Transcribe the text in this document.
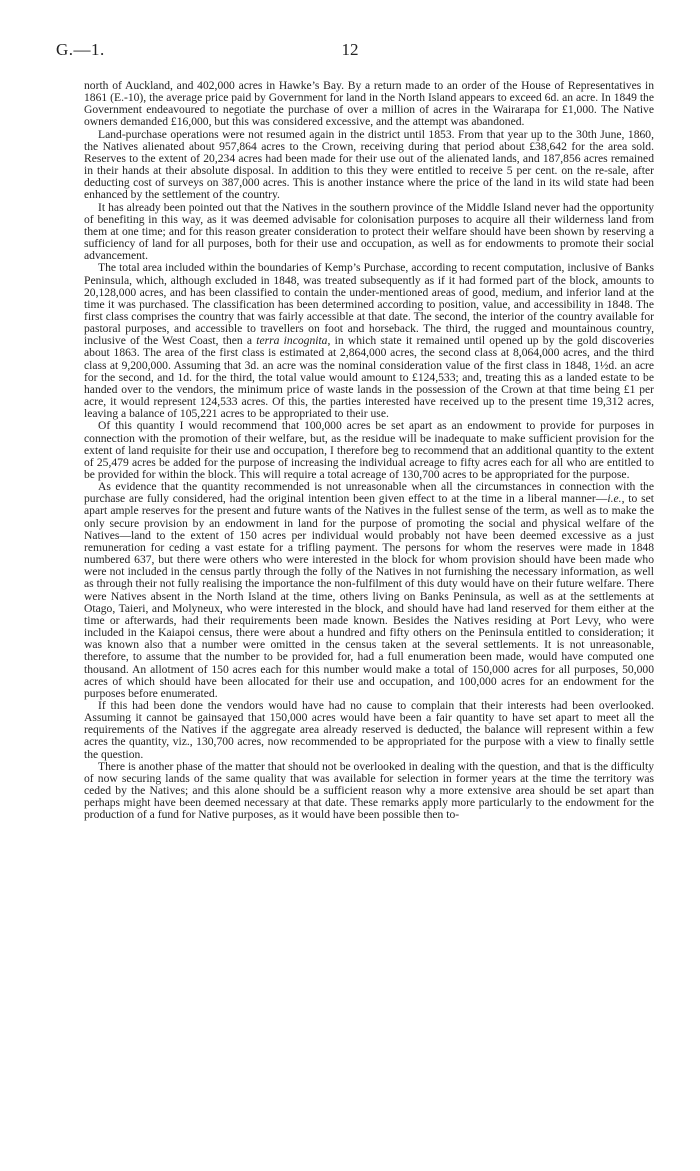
G.—1.	12

north of Auckland, and 402,000 acres in Hawke’s Bay. By a return made to an order of the House of Representatives in 1861 (E.-10), the average price paid by Government for land in the North Island appears to exceed 6d. an acre. In 1849 the Government endeavoured to negotiate the purchase of over a million of acres in the Wairarapa for £1,000. The Native owners demanded £16,000, but this was considered excessive, and the attempt was abandoned.

Land-purchase operations were not resumed again in the district until 1853. From that year up to the 30th June, 1860, the Natives alienated about 957,864 acres to the Crown, receiving during that period about £38,642 for the area sold. Reserves to the extent of 20,234 acres had been made for their use out of the alienated lands, and 187,856 acres remained in their hands at their absolute disposal. In addition to this they were entitled to receive 5 per cent. on the re-sale, after deducting cost of surveys on 387,000 acres. This is another instance where the price of the land in its wild state had been enhanced by the settlement of the country.

It has already been pointed out that the Natives in the southern province of the Middle Island never had the opportunity of benefiting in this way, as it was deemed advisable for colonisation purposes to acquire all their wilderness land from them at one time; and for this reason greater consideration to protect their welfare should have been shown by reserving a sufficiency of land for all purposes, both for their use and occupation, as well as for endowments to promote their social advancement.

The total area included within the boundaries of Kemp’s Purchase, according to recent computation, inclusive of Banks Peninsula, which, although excluded in 1848, was treated subsequently as if it had formed part of the block, amounts to 20,128,000 acres, and has been classified to contain the under-mentioned areas of good, medium, and inferior land at the time it was purchased. The classification has been determined according to position, value, and accessibility in 1848. The first class comprises the country that was fairly accessible at that date. The second, the interior of the country available for pastoral purposes, and accessible to travellers on foot and horseback. The third, the rugged and mountainous country, inclusive of the West Coast, then a terra incognita, in which state it remained until opened up by the gold discoveries about 1863. The area of the first class is estimated at 2,864,000 acres, the second class at 8,064,000 acres, and the third class at 9,200,000. Assuming that 3d. an acre was the nominal consideration value of the first class in 1848, 1½d. an acre for the second, and 1d. for the third, the total value would amount to £124,533; and, treating this as a landed estate to be handed over to the vendors, the minimum price of waste lands in the possession of the Crown at that time being £1 per acre, it would represent 124,533 acres. Of this, the parties interested have received up to the present time 19,312 acres, leaving a balance of 105,221 acres to be appropriated to their use.

Of this quantity I would recommend that 100,000 acres be set apart as an endowment to provide for purposes in connection with the promotion of their welfare, but, as the residue will be inadequate to make sufficient provision for the extent of land requisite for their use and occupation, I therefore beg to recommend that an additional quantity to the extent of 25,479 acres be added for the purpose of increasing the individual acreage to fifty acres each for all who are entitled to be provided for within the block. This will require a total acreage of 130,700 acres to be appropriated for the purpose.

As evidence that the quantity recommended is not unreasonable when all the circumstances in connection with the purchase are fully considered, had the original intention been given effect to at the time in a liberal manner—i.e., to set apart ample reserves for the present and future wants of the Natives in the fullest sense of the term, as well as to make the only secure provision by an endowment in land for the purpose of promoting the social and physical welfare of the Natives—land to the extent of 150 acres per individual would probably not have been deemed excessive as a just remuneration for ceding a vast estate for a trifling payment. The persons for whom the reserves were made in 1848 numbered 637, but there were others who were interested in the block for whom provision should have been made who were not included in the census partly through the folly of the Natives in not furnishing the necessary information, as well as through their not fully realising the importance the non-fulfilment of this duty would have on their future welfare. There were Natives absent in the North Island at the time, others living on Banks Peninsula, as well as at the settlements at Otago, Taieri, and Molyneux, who were interested in the block, and should have had land reserved for them either at the time or afterwards, had their requirements been made known. Besides the Natives residing at Port Levy, who were included in the Kaiapoi census, there were about a hundred and fifty others on the Peninsula entitled to consideration; it was known also that a number were omitted in the census taken at the several settlements. It is not unreasonable, therefore, to assume that the number to be provided for, had a full enumeration been made, would have computed one thousand. An allotment of 150 acres each for this number would make a total of 150,000 acres for all purposes, 50,000 acres of which should have been allocated for their use and occupation, and 100,000 acres for an endowment for the purposes before enumerated.

If this had been done the vendors would have had no cause to complain that their interests had been overlooked. Assuming it cannot be gainsayed that 150,000 acres would have been a fair quantity to have set apart to meet all the requirements of the Natives if the aggregate area already reserved is deducted, the balance will represent within a few acres the quantity, viz., 130,700 acres, now recommended to be appropriated for the purpose with a view to finally settle the question.

There is another phase of the matter that should not be overlooked in dealing with the question, and that is the difficulty of now securing lands of the same quality that was available for selection in former years at the time the territory was ceded by the Natives; and this alone should be a sufficient reason why a more extensive area should be set apart than perhaps might have been deemed necessary at that date. These remarks apply more particularly to the endowment for the production of a fund for Native purposes, as it would have been possible then to-
